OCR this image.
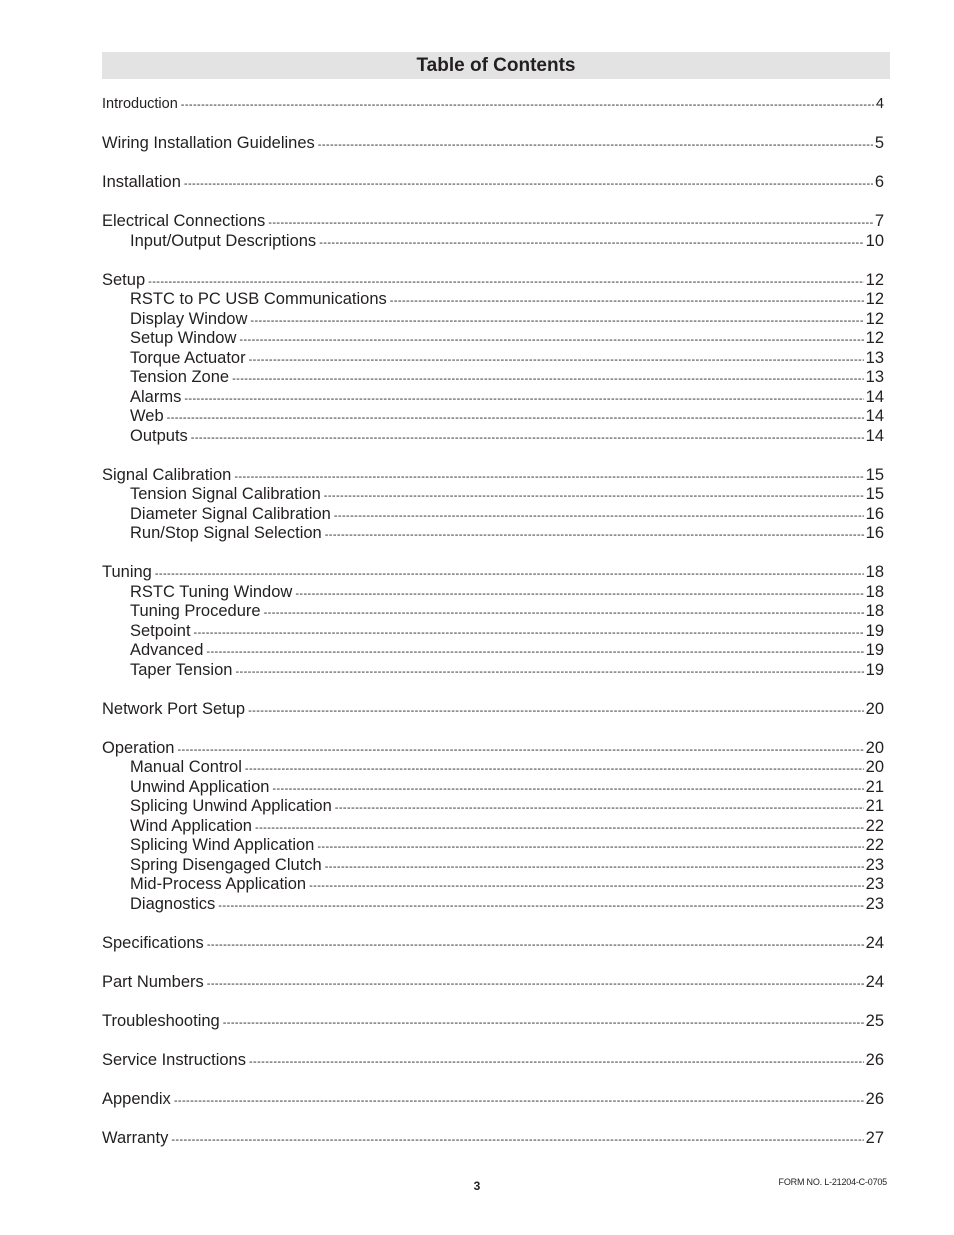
Table of Contents
Introduction -----	4
Wiring Installation Guidelines -----	5
Installation -----	6
Electrical Connections -----	7
Input/Output Descriptions -----	10
Setup -----	12
RSTC to PC USB Communications -----	12
Display Window -----	12
Setup Window -----	12
Torque Actuator -----	13
Tension Zone -----	13
Alarms -----	14
Web -----	14
Outputs -----	14
Signal Calibration -----	15
Tension Signal Calibration -----	15
Diameter Signal Calibration -----	16
Run/Stop Signal Selection -----	16
Tuning -----	18
RSTC Tuning Window -----	18
Tuning Procedure -----	18
Setpoint -----	19
Advanced -----	19
Taper Tension -----	19
Network Port Setup -----	20
Operation -----	20
Manual Control -----	20
Unwind Application -----	21
Splicing Unwind Application -----	21
Wind Application -----	22
Splicing Wind Application -----	22
Spring Disengaged Clutch -----	23
Mid-Process Application -----	23
Diagnostics -----	23
Specifications -----	24
Part Numbers -----	24
Troubleshooting -----	25
Service Instructions -----	26
Appendix -----	26
Warranty -----	27
3	FORM NO. L-21204-C-0705
